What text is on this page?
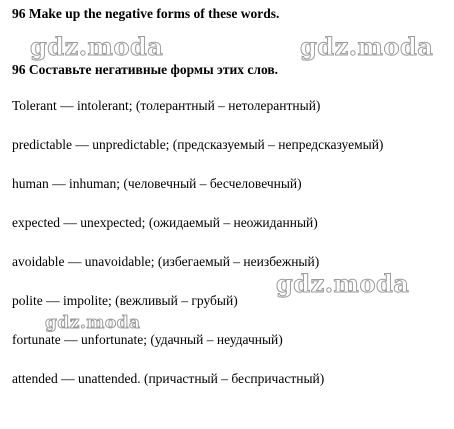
96 Make up the negative forms of these words.
96 Составьте негативные формы этих слов.
Tolerant — intolerant; (толерантный – нетолерантный)
predictable — unpredictable; (предсказуемый – непредсказуемый)
human — inhuman; (человечный – бесчеловечный)
expected — unexpected; (ожидаемый – неожиданный)
avoidable — unavoidable; (избегаемый – неизбежный)
polite — impolite; (вежливый – грубый)
fortunate — unfortunate; (удачный – неудачный)
attended — unattended. (причастный – беспричастный)
gdz.moda	gdz.moda
gdz.moda
gdz.moda
